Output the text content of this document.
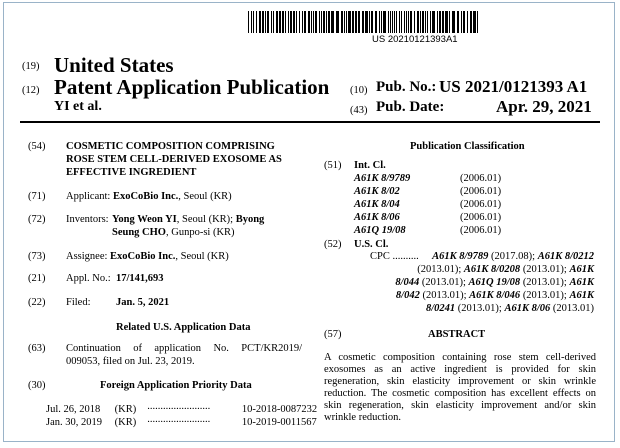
US 20210121393A1
(19) United States
(12) Patent Application Publication
YI et al.
(10) Pub. No.: US 2021/0121393 A1
(43) Pub. Date:	Apr. 29, 2021
(54) COSMETIC COMPOSITION COMPRISING
ROSE STEM CELL-DERIVED EXOSOME AS
EFFECTIVE INGREDIENT
(71) Applicant: ExoCoBio Inc., Seoul (KR)
(72) Inventors: Yong Weon YI, Seoul (KR); Byong
Seung CHO, Gunpo-si (KR)
(73) Assignee: ExoCoBio Inc., Seoul (KR)
(21) Appl. No.: 17/141,693
(22) Filed: Jan. 5, 2021
Related U.S. Application Data
(63) Continuation of application No. PCT/KR2019/
009053, filed on Jul. 23, 2019.
(30)	Foreign Application Priority Data
Jul. 26, 2018 (KR) ........................	10-2018-0087232
Jan. 30, 2019 (KR) ........................	10-2019-0011567
Publication Classification
(51) Int. Cl.
A61K 8/9789	(2006.01)
A61K 8/02	(2006.01)
A61K 8/04	(2006.01)
A61K 8/06	(2006.01)
A61Q 19/08	(2006.01)
(52) U.S. Cl.
CPC .......... A61K 8/9789 (2017.08); A61K 8/0212
(2013.01); A61K 8/0208 (2013.01); A61K
8/044 (2013.01); A61Q 19/08 (2013.01); A61K
8/042 (2013.01); A61K 8/046 (2013.01); A61K
8/0241 (2013.01); A61K 8/06 (2013.01)
(57)	ABSTRACT
A cosmetic composition containing rose stem cell-derived
exosomes as an active ingredient is provided for skin
regeneration, skin elasticity improvement or skin wrinkle
reduction. The cosmetic composition has excellent effects on
skin regeneration, skin elasticity improvement and/or skin
wrinkle reduction.
